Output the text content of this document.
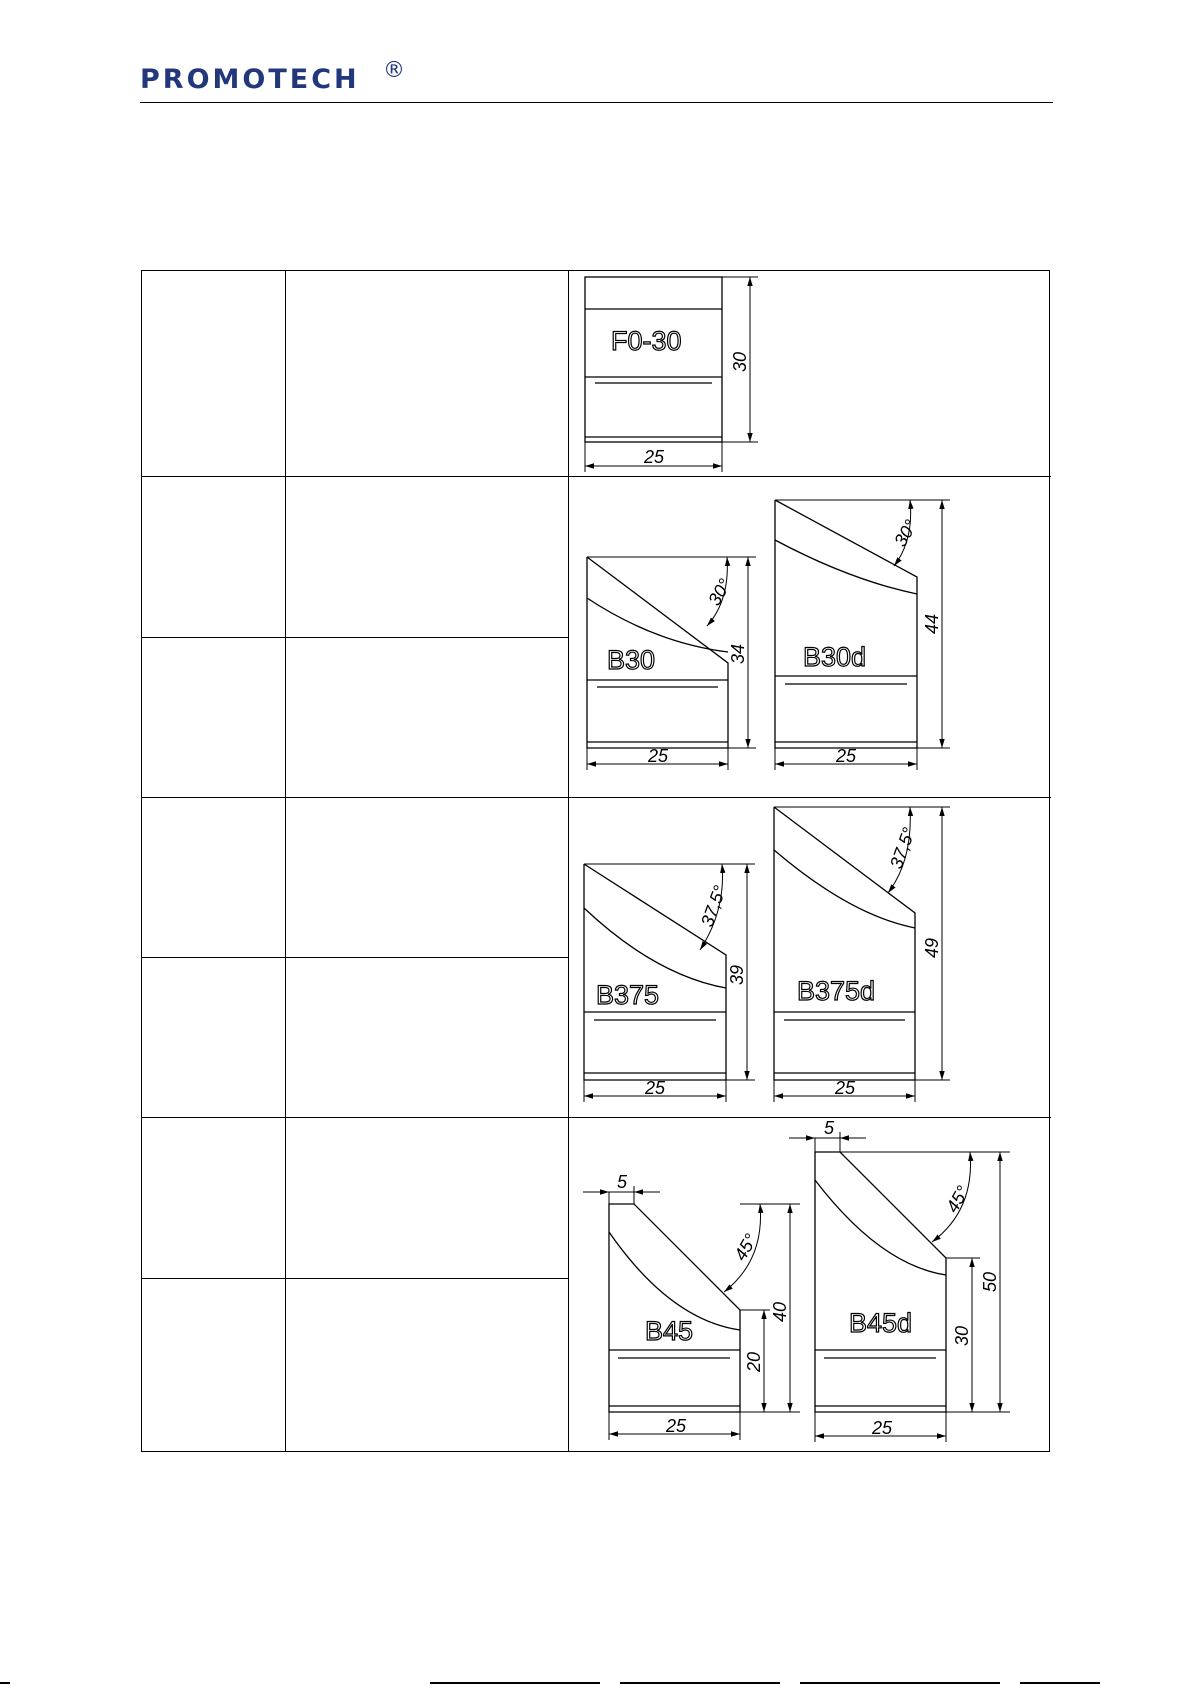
PROMOTECH ®
F0-30
25
30
B30
25
34
30°
B30d
25
44
30°
B375
25
39
37,5°
B375d
25
49
37,5°
B45
25
5
40
20
45°
B45d
25
5
50
30
45°
